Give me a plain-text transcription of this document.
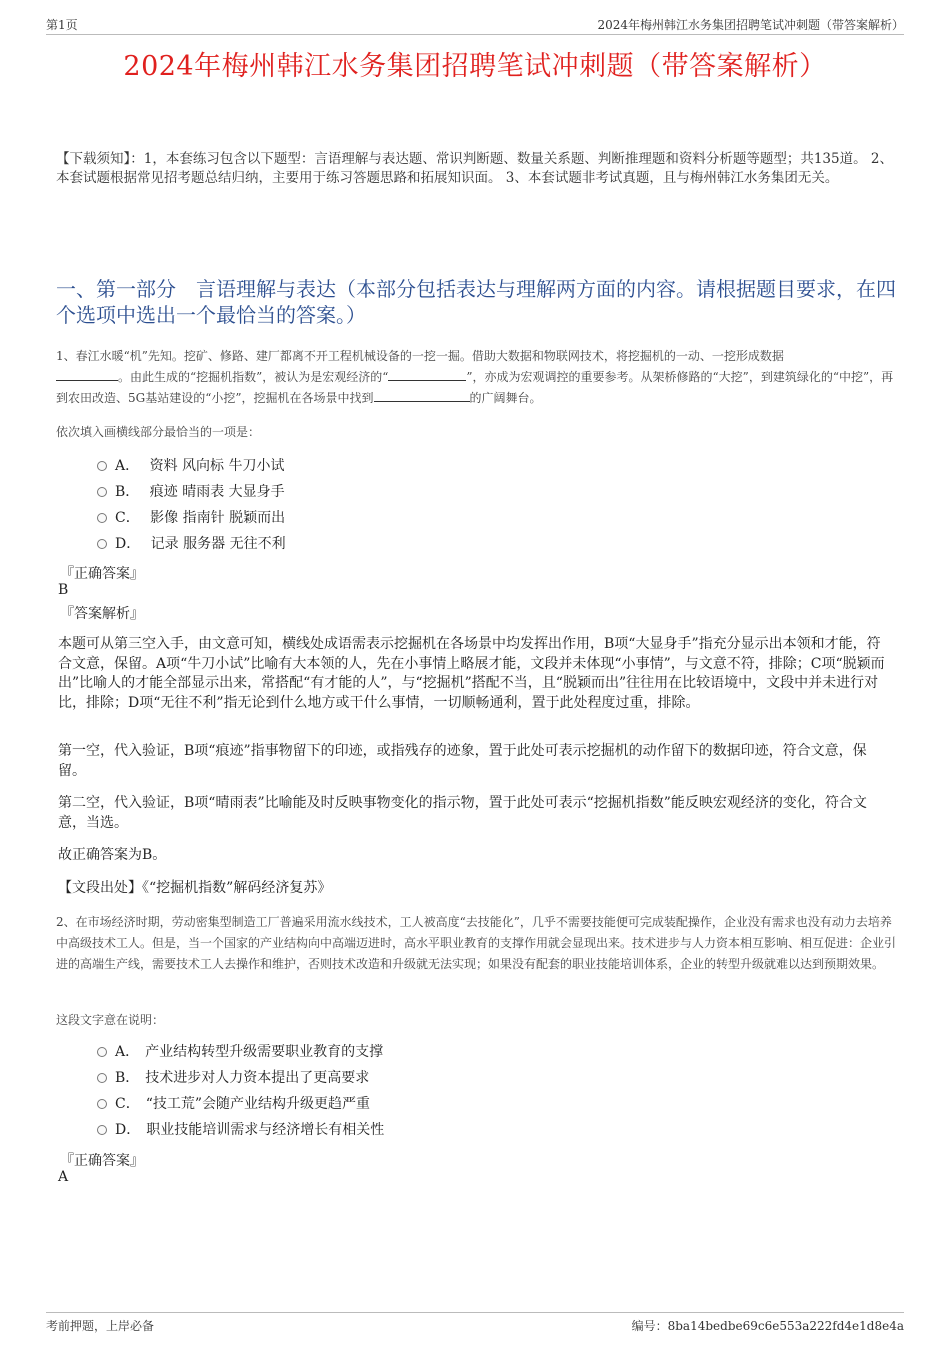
第1页	2024年梅州韩江水务集团招聘笔试冲刺题（带答案解析）
2024年梅州韩江水务集团招聘笔试冲刺题（带答案解析）
【下载须知】：1，本套练习包含以下题型：言语理解与表达题、常识判断题、数量关系题、判断推理题和资料分析题等题型；共135道。 2、本套试题根据常见招考题总结归纳，主要用于练习答题思路和拓展知识面。 3、本套试题非考试真题，且与梅州韩江水务集团无关。
一、第一部分　言语理解与表达（本部分包括表达与理解两方面的内容。请根据题目要求，在四个选项中选出一个最恰当的答案。）
1、春江水暖“机”先知。挖矿、修路、建厂都离不开工程机械设备的一挖一掘。借助大数据和物联网技术，将挖掘机的一动、一挖形成数据
。由此生成的“挖掘机指数”，被认为是宏观经济的“	”，亦成为宏观调控的重要参考。从架桥修路的“大挖”，到建筑绿化的“中挖”，再到农田改造、5G基站建设的“小挖”，挖掘机在各场景中找到	的广阔舞台。
依次填入画横线部分最恰当的一项是：
A． 资料 风向标 牛刀小试
B． 痕迹 晴雨表 大显身手
C． 影像 指南针 脱颖而出
D． 记录 服务器 无往不利
『正确答案』
B
『答案解析』
本题可从第三空入手，由文意可知，横线处成语需表示挖掘机在各场景中均发挥出作用，B项“大显身手”指充分显示出本领和才能，符合文意，保留。A项“牛刀小试”比喻有大本领的人，先在小事情上略展才能，文段并未体现“小事情”，与文意不符，排除；C项“脱颖而出”比喻人的才能全部显示出来，常搭配“有才能的人”，与“挖掘机”搭配不当，且“脱颖而出”往往用在比较语境中，文段中并未进行对比，排除；D项“无往不利”指无论到什么地方或干什么事情，一切顺畅通利，置于此处程度过重，排除。
第一空，代入验证，B项“痕迹”指事物留下的印迹，或指残存的迹象，置于此处可表示挖掘机的动作留下的数据印迹，符合文意，保留。
第二空，代入验证，B项“晴雨表”比喻能及时反映事物变化的指示物，置于此处可表示“挖掘机指数”能反映宏观经济的变化，符合文意，当选。
故正确答案为B。
【文段出处】《“挖掘机指数”解码经济复苏》
2、在市场经济时期，劳动密集型制造工厂普遍采用流水线技术，工人被高度“去技能化”，几乎不需要技能便可完成装配操作，企业没有需求也没有动力去培养中高级技术工人。但是，当一个国家的产业结构向中高端迈进时，高水平职业教育的支撑作用就会显现出来。技术进步与人力资本相互影响、相互促进：企业引进的高端生产线，需要技术工人去操作和维护，否则技术改造和升级就无法实现；如果没有配套的职业技能培训体系，企业的转型升级就难以达到预期效果。
这段文字意在说明：
A． 产业结构转型升级需要职业教育的支撑
B． 技术进步对人力资本提出了更高要求
C． “技工荒”会随产业结构升级更趋严重
D． 职业技能培训需求与经济增长有相关性
『正确答案』
A
考前押题，上岸必备	编号：8ba14bedbe69c6e553a222fd4e1d8e4a
